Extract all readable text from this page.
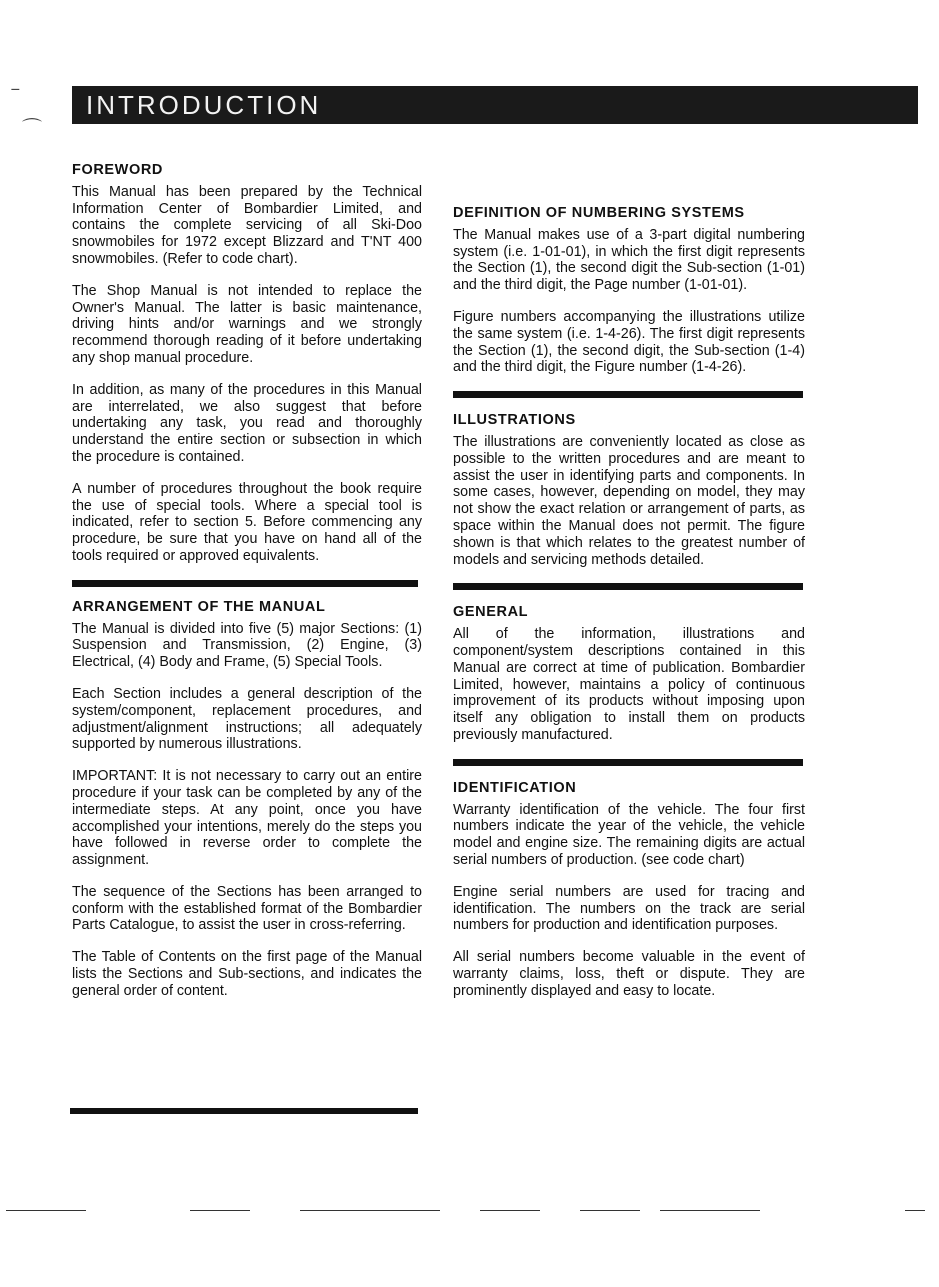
INTRODUCTION
‾
⌒
FOREWORD

This Manual has been prepared by the Technical Information Center of Bombardier Limited, and contains the complete servicing of all Ski-Doo snowmobiles for 1972 except Blizzard and T'NT 400 snowmobiles. (Refer to code chart).

The Shop Manual is not intended to replace the Owner's Manual. The latter is basic maintenance, driving hints and/or warnings and we strongly recommend thorough reading of it before undertaking any shop manual procedure.

In addition, as many of the procedures in this Manual are interrelated, we also suggest that before undertaking any task, you read and thoroughly understand the entire section or subsection in which the procedure is contained.

A number of procedures throughout the book require the use of special tools. Where a special tool is indicated, refer to section 5. Before commencing any procedure, be sure that you have on hand all of the tools required or approved equivalents.

ARRANGEMENT OF THE MANUAL

The Manual is divided into five (5) major Sections: (1) Suspension and Transmission, (2) Engine, (3) Electrical, (4) Body and Frame, (5) Special Tools.

Each Section includes a general description of the system/component, replacement procedures, and adjustment/alignment instructions; all adequately supported by numerous illustrations.

IMPORTANT: It is not necessary to carry out an entire procedure if your task can be completed by any of the intermediate steps. At any point, once you have accomplished your intentions, merely do the steps you have followed in reverse order to complete the assignment.

The sequence of the Sections has been arranged to conform with the established format of the Bombardier Parts Catalogue, to assist the user in cross-referring.

The Table of Contents on the first page of the Manual lists the Sections and Sub-sections, and indicates the general order of content.

DEFINITION OF NUMBERING SYSTEMS

The Manual makes use of a 3-part digital numbering system (i.e. 1-01-01), in which the first digit represents the Section (1), the second digit the Sub-section (1-01) and the third digit, the Page number (1-01-01).

Figure numbers accompanying the illustrations utilize the same system (i.e. 1-4-26). The first digit represents the Section (1), the second digit, the Sub-section (1-4) and the third digit, the Figure number (1-4-26).

ILLUSTRATIONS

The illustrations are conveniently located as close as possible to the written procedures and are meant to assist the user in identifying parts and components. In some cases, however, depending on model, they may not show the exact relation or arrangement of parts, as space within the Manual does not permit. The figure shown is that which relates to the greatest number of models and servicing methods detailed.

GENERAL

All of the information, illustrations and component/system descriptions contained in this Manual are correct at time of publication. Bombardier Limited, however, maintains a policy of continuous improvement of its products without imposing upon itself any obligation to install them on products previously manufactured.

IDENTIFICATION

Warranty identification of the vehicle. The four first numbers indicate the year of the vehicle, the vehicle model and engine size. The remaining digits are actual serial numbers of production. (see code chart)

Engine serial numbers are used for tracing and identification. The numbers on the track are serial numbers for production and identification purposes.

All serial numbers become valuable in the event of warranty claims, loss, theft or dispute. They are prominently displayed and easy to locate.
